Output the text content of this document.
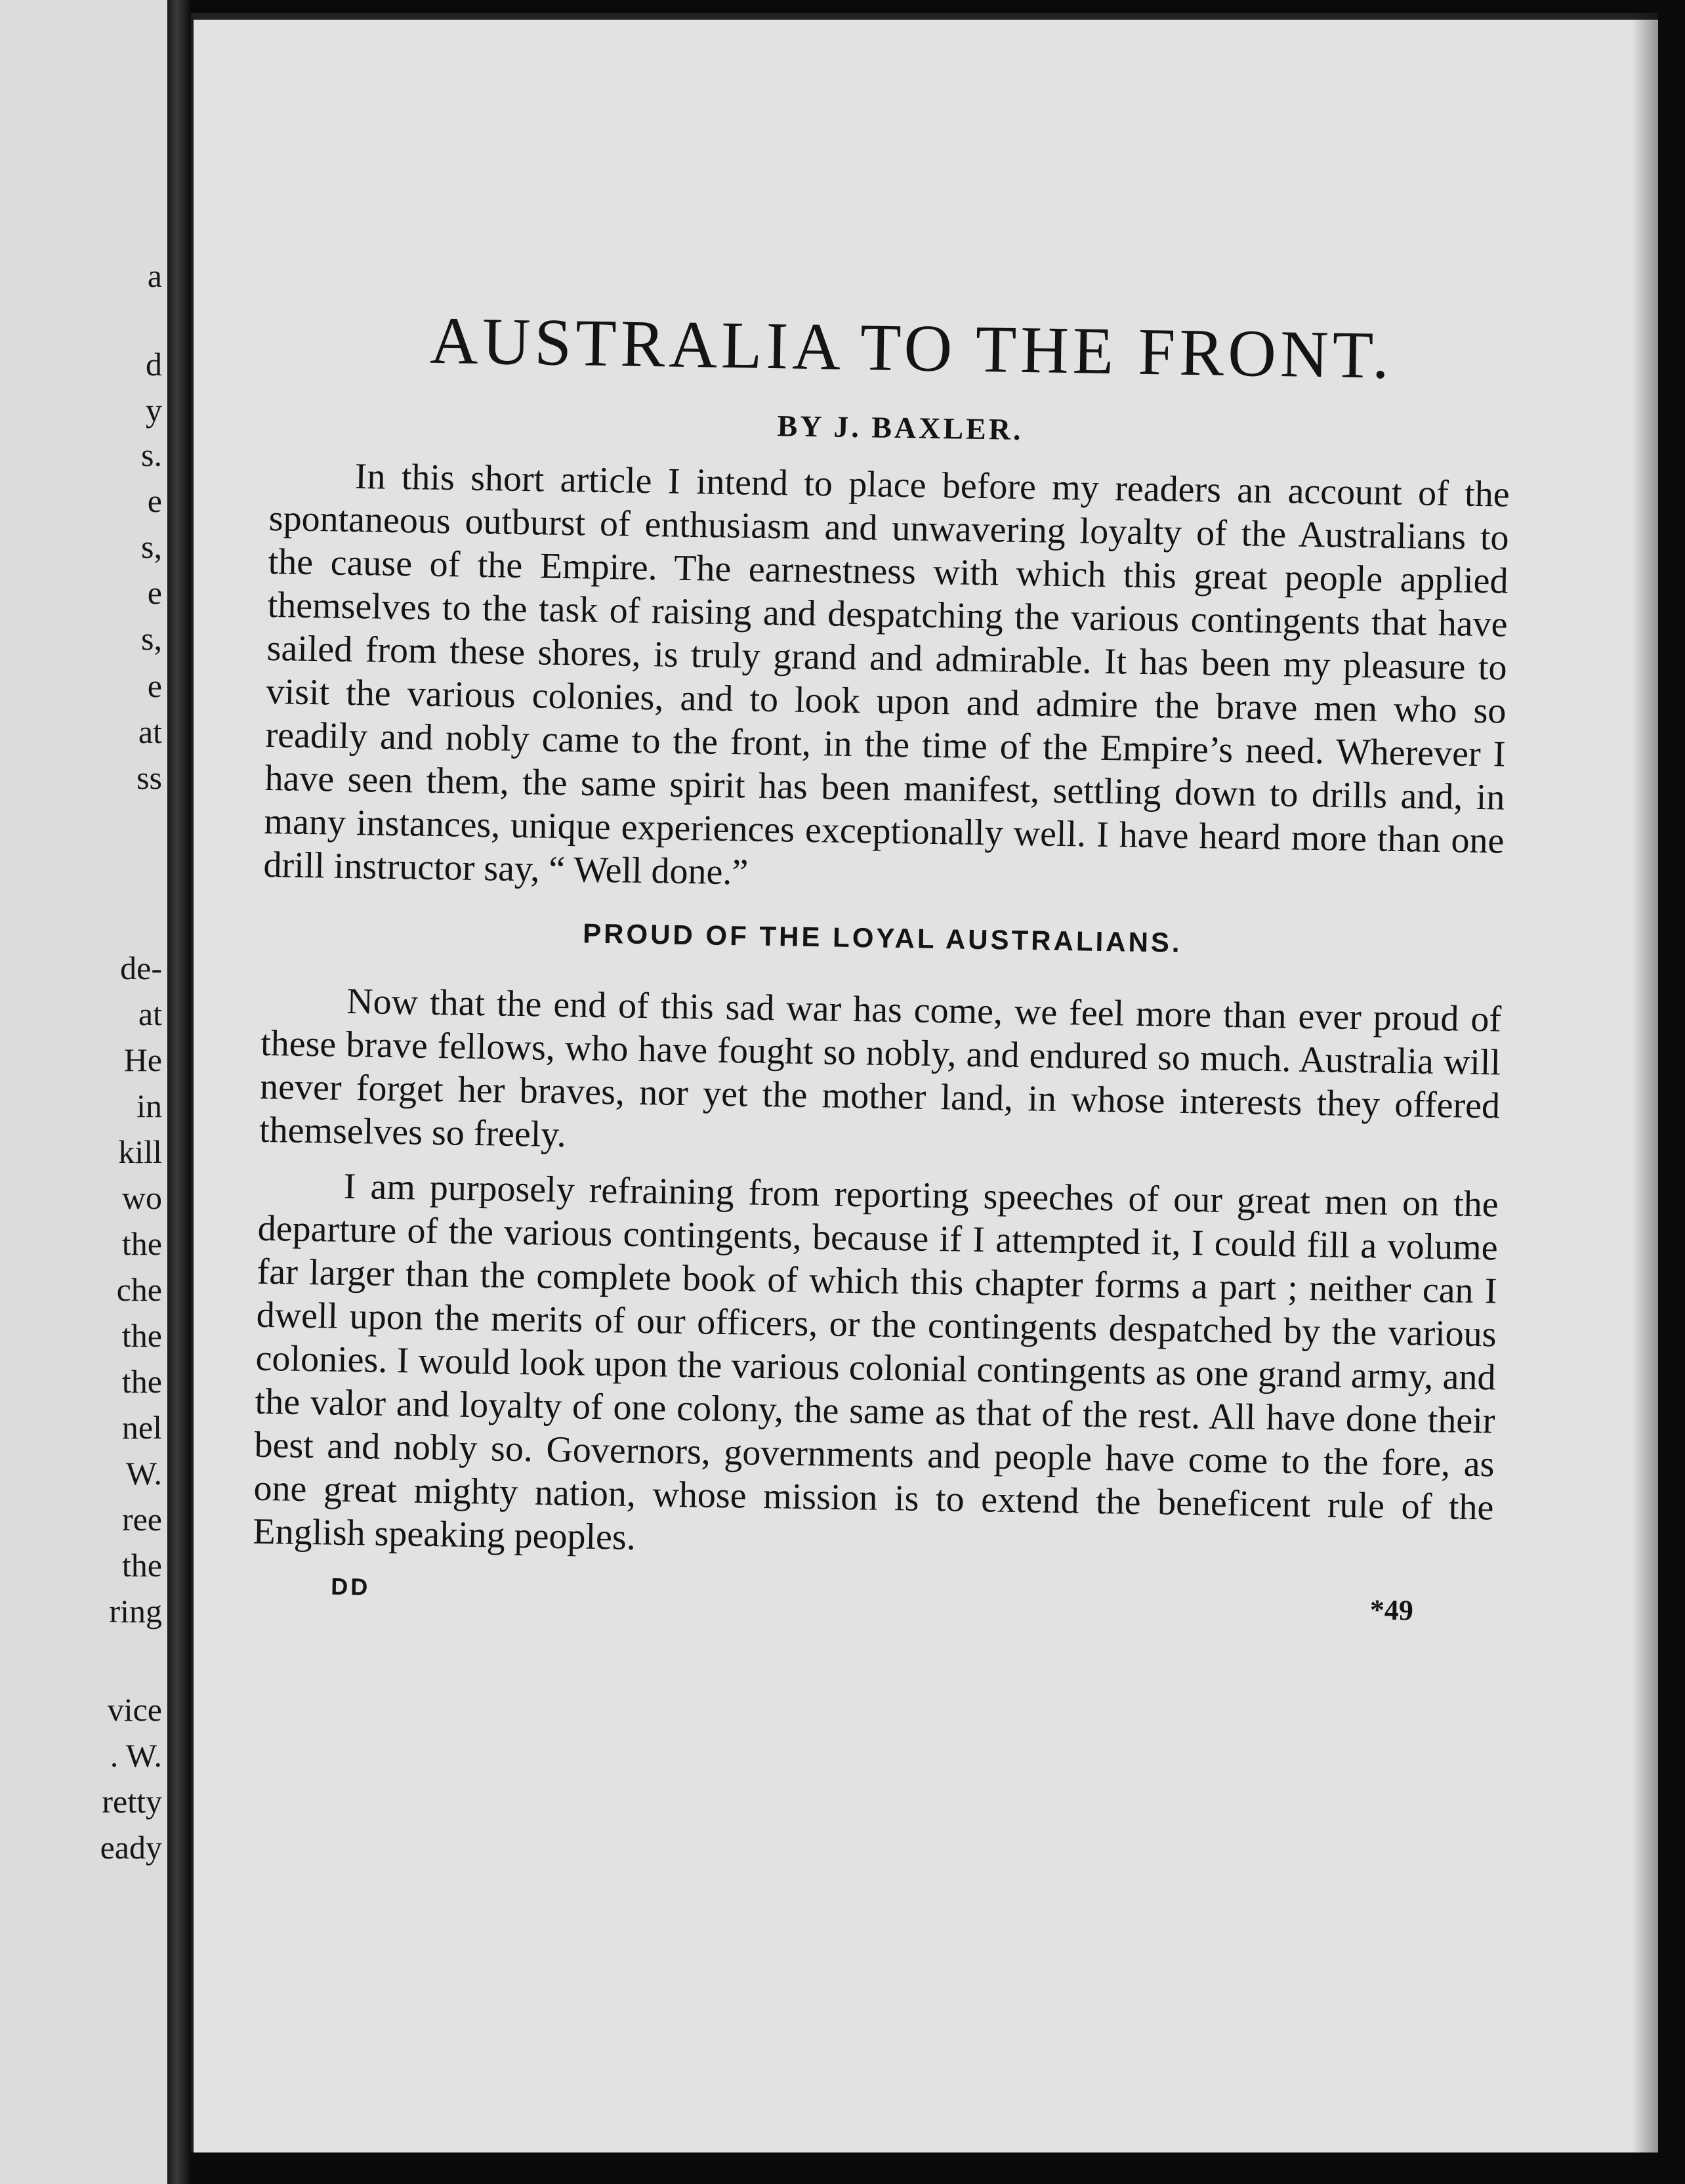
a
d
y
s.
e
s,
e
s,
e
at
ss
de-
at
He
in
kill
wo
the
che
the
the
nel
W.
ree
the
ring
vice
. W.
retty
eady
AUSTRALIA TO THE FRONT.
BY J. BAXLER.

In this short article I intend to place before my readers an account of the spontaneous outburst of enthusiasm and unwavering loyalty of the Australians to the cause of the Empire. The earnestness with which this great people applied themselves to the task of raising and despatching the various contingents that have sailed from these shores, is truly grand and admirable. It has been my pleasure to visit the various colonies, and to look upon and admire the brave men who so readily and nobly came to the front, in the time of the Empire’s need. Wherever I have seen them, the same spirit has been manifest, settling down to drills and, in many instances, unique experiences exceptionally well. I have heard more than one drill instructor say, “ Well done.”

PROUD OF THE LOYAL AUSTRALIANS.

Now that the end of this sad war has come, we feel more than ever proud of these brave fellows, who have fought so nobly, and endured so much. Australia will never forget her braves, nor yet the mother land, in whose interests they offered themselves so freely.

I am purposely refraining from reporting speeches of our great men on the departure of the various contingents, because if I attempted it, I could fill a volume far larger than the complete book of which this chapter forms a part ; neither can I dwell upon the merits of our officers, or the contingents despatched by the various colonies. I would look upon the various colonial contingents as one grand army, and the valor and loyalty of one colony, the same as that of the rest. All have done their best and nobly so. Governors, governments and people have come to the fore, as one great mighty nation, whose mission is to extend the beneficent rule of the English speaking peoples.

DD
*49
